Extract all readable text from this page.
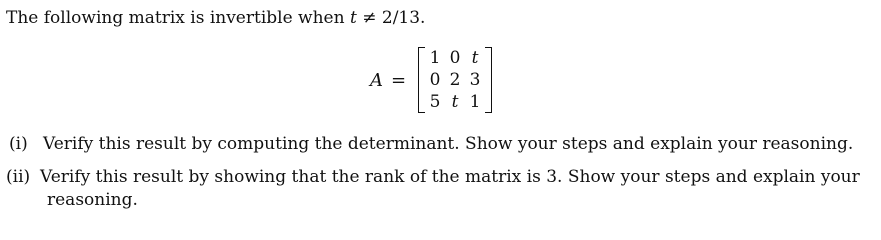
The following matrix is invertible when t ≠ 2/13.
A =
1 0 t
0 2 3
5 t 1
(i) Verify this result by computing the determinant. Show your steps and explain your reasoning.
(ii) Verify this result by showing that the rank of the matrix is 3. Show your steps and explain your
reasoning.
